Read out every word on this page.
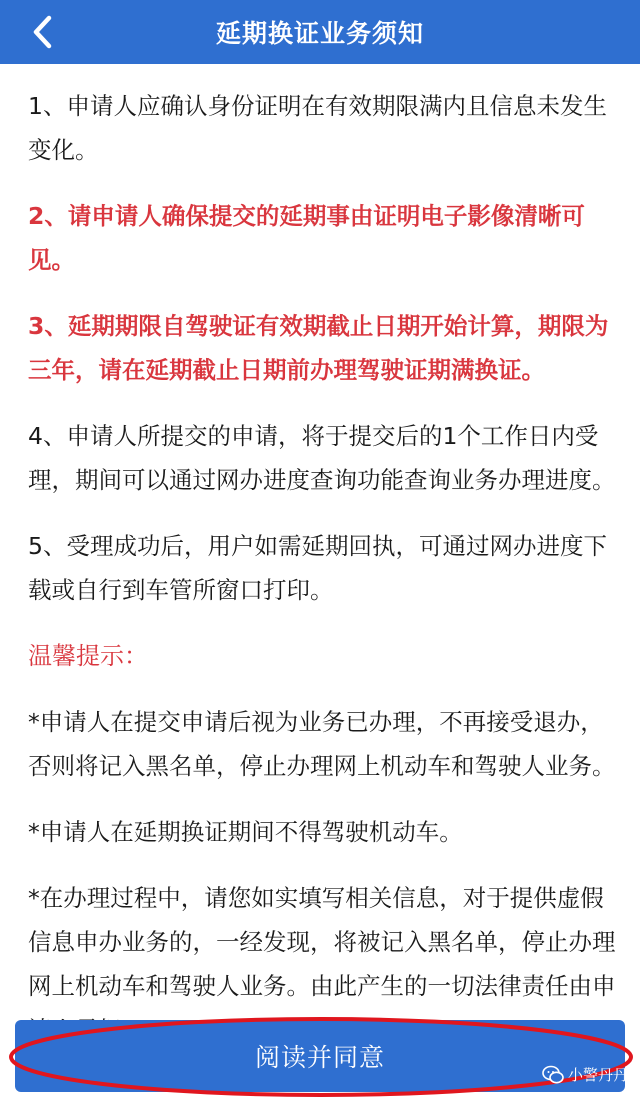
延期换证业务须知

1、申请人应确认身份证明在有效期限满内且信息未发生变化。

2、请申请人确保提交的延期事由证明电子影像清晰可见。

3、延期期限自驾驶证有效期截止日期开始计算，期限为三年，请在延期截止日期前办理驾驶证期满换证。

4、申请人所提交的申请，将于提交后的1个工作日内受理，期间可以通过网办进度查询功能查询业务办理进度。

5、受理成功后，用户如需延期回执，可通过网办进度下载或自行到车管所窗口打印。

温馨提示：

*申请人在提交申请后视为业务已办理，不再接受退办，否则将记入黑名单，停止办理网上机动车和驾驶人业务。

*申请人在延期换证期间不得驾驶机动车。

*在办理过程中，请您如实填写相关信息，对于提供虚假信息申办业务的，一经发现，将被记入黑名单，停止办理网上机动车和驾驶人业务。由此产生的一切法律责任由申

阅读并同意
小警丹丹
